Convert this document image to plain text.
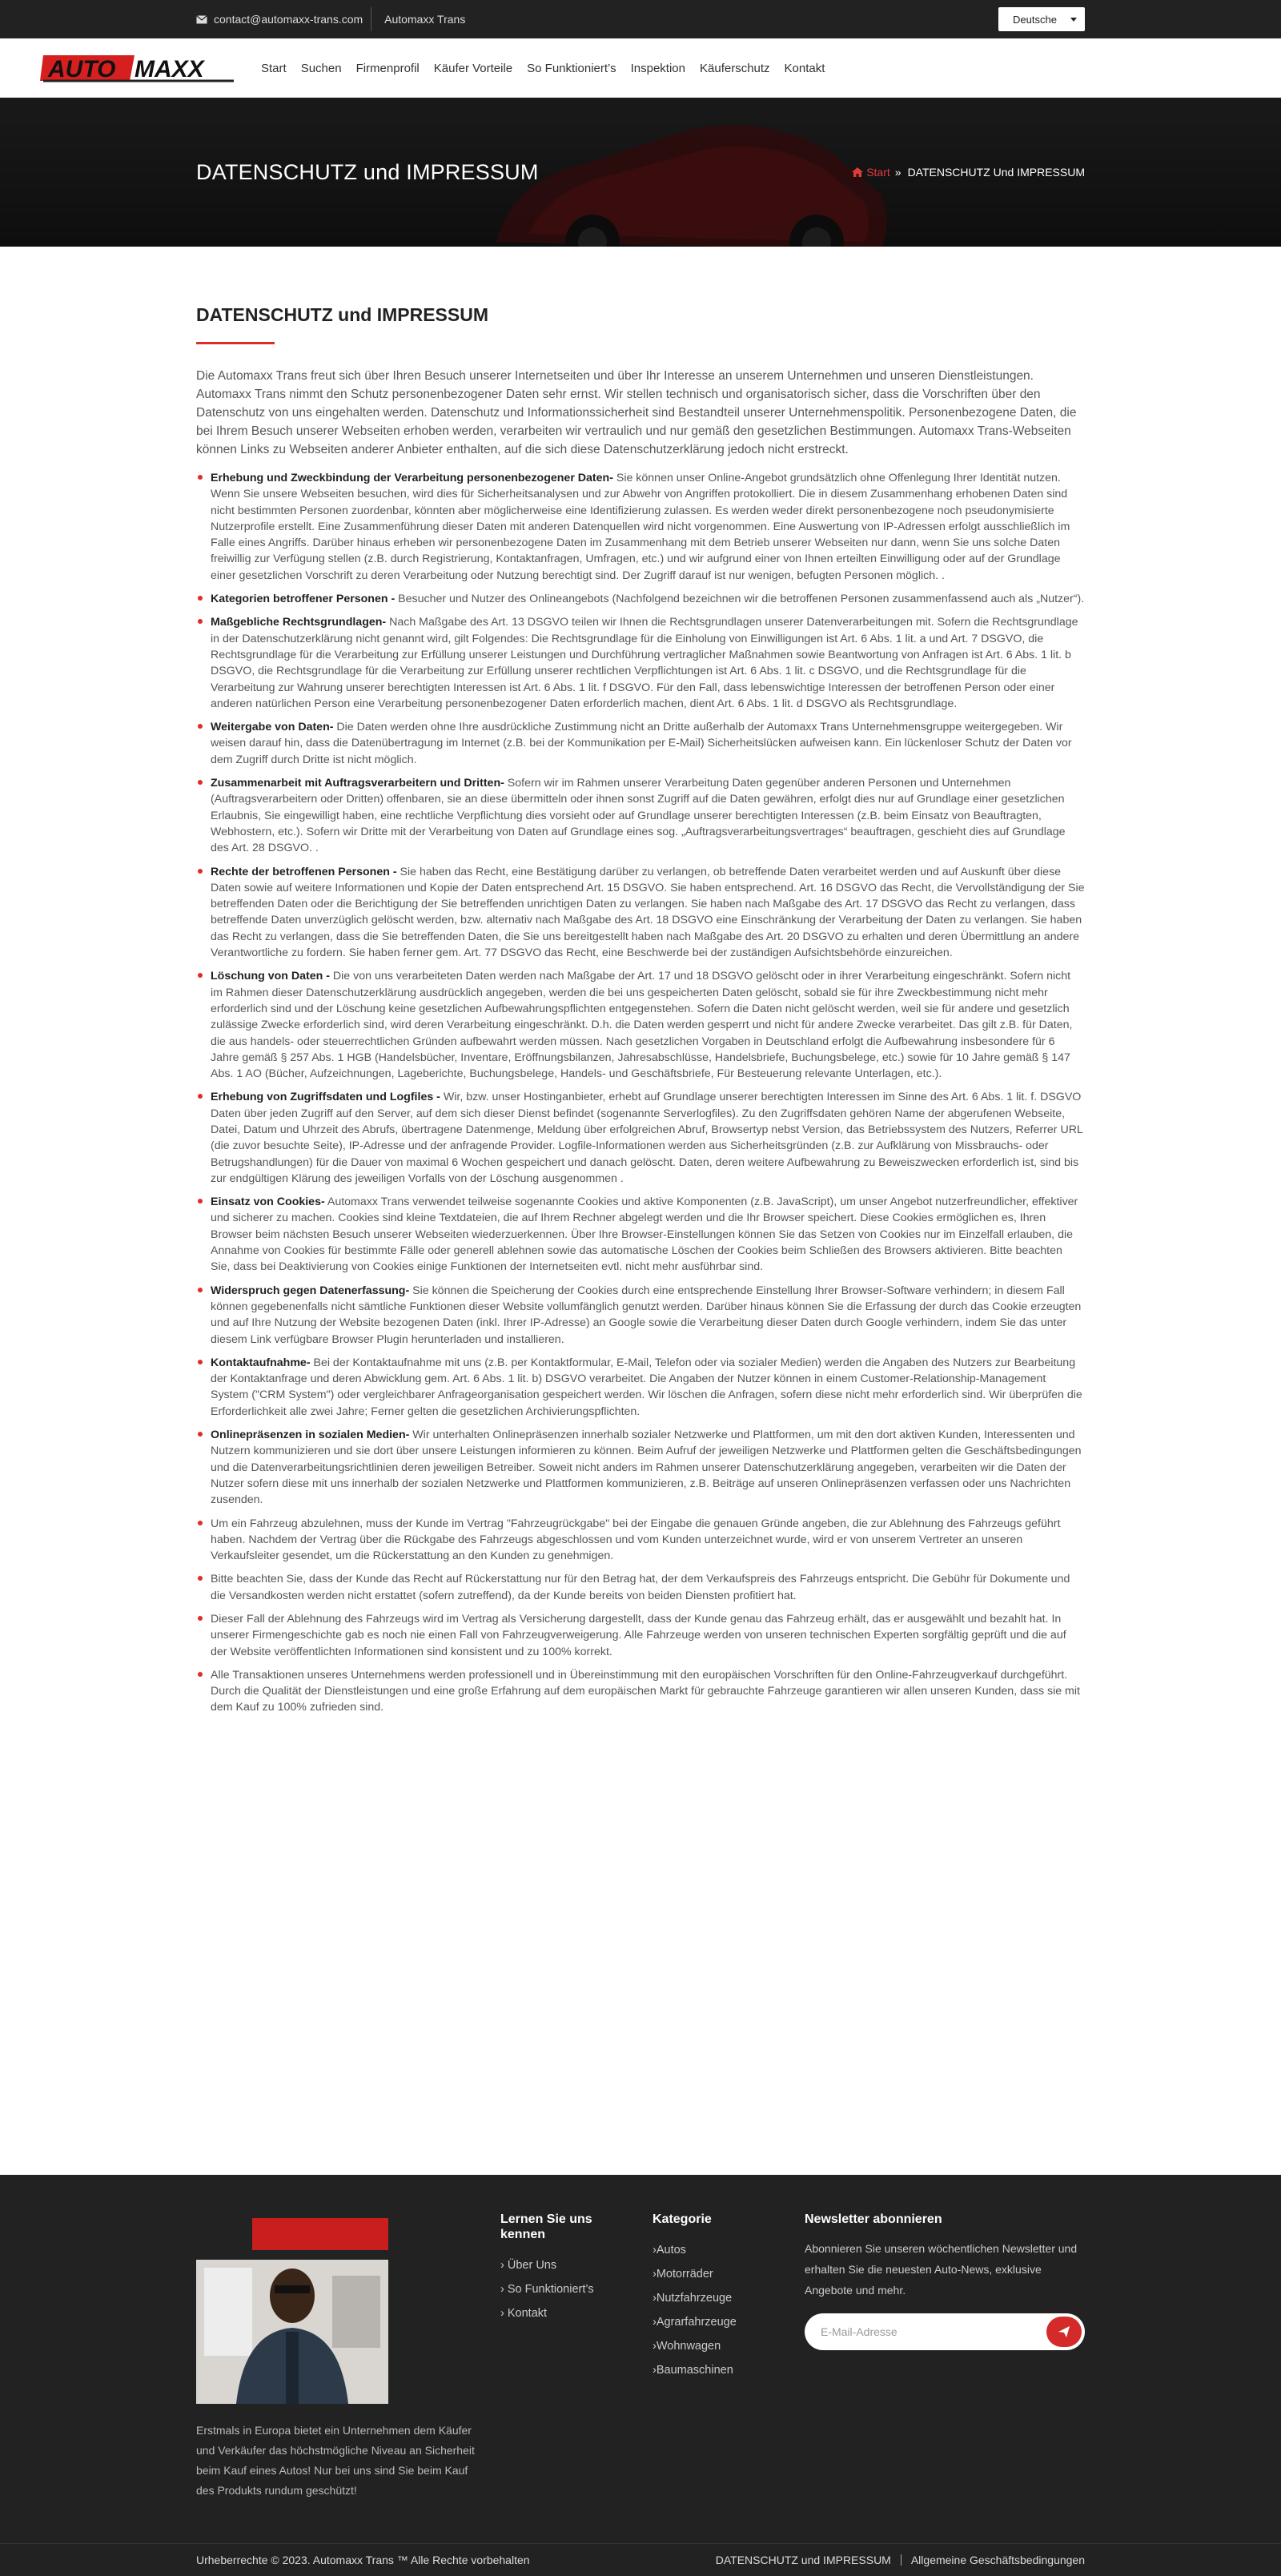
contact@automaxx-trans.com	Automaxx Trans	Deutsche
AUTO MAXX	Start Suchen Firmenprofil Käufer Vorteile So Funktioniert’s Inspektion Käuferschutz Kontakt
DATENSCHUTZ und IMPRESSUM	Start » DATENSCHUTZ Und IMPRESSUM
DATENSCHUTZ und IMPRESSUM

Die Automaxx Trans freut sich über Ihren Besuch unserer Internetseiten und über Ihr Interesse an unserem Unternehmen und unseren Dienstleistungen. Automaxx Trans nimmt den Schutz personenbezogener Daten sehr ernst. Wir stellen technisch und organisatorisch sicher, dass die Vorschriften über den Datenschutz von uns eingehalten werden. Datenschutz und Informationssicherheit sind Bestandteil unserer Unternehmenspolitik. Personenbezogene Daten, die bei Ihrem Besuch unserer Webseiten erhoben werden, verarbeiten wir vertraulich und nur gemäß den gesetzlichen Bestimmungen. Automaxx Trans-Webseiten können Links zu Webseiten anderer Anbieter enthalten, auf die sich diese Datenschutzerklärung jedoch nicht erstreckt.

Erhebung und Zweckbindung der Verarbeitung personenbezogener Daten- Sie können unser Online-Angebot grundsätzlich ohne Offenlegung Ihrer Identität nutzen. Wenn Sie unsere Webseiten besuchen, wird dies für Sicherheitsanalysen und zur Abwehr von Angriffen protokolliert. Die in diesem Zusammenhang erhobenen Daten sind nicht bestimmten Personen zuordenbar, könnten aber möglicherweise eine Identifizierung zulassen. Es werden weder direkt personenbezogene noch pseudonymisierte Nutzerprofile erstellt. Eine Zusammenführung dieser Daten mit anderen Datenquellen wird nicht vorgenommen. Eine Auswertung von IP-Adressen erfolgt ausschließlich im Falle eines Angriffs. Darüber hinaus erheben wir personenbezogene Daten im Zusammenhang mit dem Betrieb unserer Webseiten nur dann, wenn Sie uns solche Daten freiwillig zur Verfügung stellen (z.B. durch Registrierung, Kontaktanfragen, Umfragen, etc.) und wir aufgrund einer von Ihnen erteilten Einwilligung oder auf der Grundlage einer gesetzlichen Vorschrift zu deren Verarbeitung oder Nutzung berechtigt sind. Der Zugriff darauf ist nur wenigen, befugten Personen möglich. .
Kategorien betroffener Personen - Besucher und Nutzer des Onlineangebots (Nachfolgend bezeichnen wir die betroffenen Personen zusammenfassend auch als „Nutzer“).
Maßgebliche Rechtsgrundlagen- Nach Maßgabe des Art. 13 DSGVO teilen wir Ihnen die Rechtsgrundlagen unserer Datenverarbeitungen mit. Sofern die Rechtsgrundlage in der Datenschutzerklärung nicht genannt wird, gilt Folgendes: Die Rechtsgrundlage für die Einholung von Einwilligungen ist Art. 6 Abs. 1 lit. a und Art. 7 DSGVO, die Rechtsgrundlage für die Verarbeitung zur Erfüllung unserer Leistungen und Durchführung vertraglicher Maßnahmen sowie Beantwortung von Anfragen ist Art. 6 Abs. 1 lit. b DSGVO, die Rechtsgrundlage für die Verarbeitung zur Erfüllung unserer rechtlichen Verpflichtungen ist Art. 6 Abs. 1 lit. c DSGVO, und die Rechtsgrundlage für die Verarbeitung zur Wahrung unserer berechtigten Interessen ist Art. 6 Abs. 1 lit. f DSGVO. Für den Fall, dass lebenswichtige Interessen der betroffenen Person oder einer anderen natürlichen Person eine Verarbeitung personenbezogener Daten erforderlich machen, dient Art. 6 Abs. 1 lit. d DSGVO als Rechtsgrundlage.
Weitergabe von Daten- Die Daten werden ohne Ihre ausdrückliche Zustimmung nicht an Dritte außerhalb der Automaxx Trans Unternehmensgruppe weitergegeben. Wir weisen darauf hin, dass die Datenübertragung im Internet (z.B. bei der Kommunikation per E-Mail) Sicherheitslücken aufweisen kann. Ein lückenloser Schutz der Daten vor dem Zugriff durch Dritte ist nicht möglich.
Zusammenarbeit mit Auftragsverarbeitern und Dritten- Sofern wir im Rahmen unserer Verarbeitung Daten gegenüber anderen Personen und Unternehmen (Auftragsverarbeitern oder Dritten) offenbaren, sie an diese übermitteln oder ihnen sonst Zugriff auf die Daten gewähren, erfolgt dies nur auf Grundlage einer gesetzlichen Erlaubnis, Sie eingewilligt haben, eine rechtliche Verpflichtung dies vorsieht oder auf Grundlage unserer berechtigten Interessen (z.B. beim Einsatz von Beauftragten, Webhostern, etc.). Sofern wir Dritte mit der Verarbeitung von Daten auf Grundlage eines sog. „Auftragsverarbeitungsvertrages“ beauftragen, geschieht dies auf Grundlage des Art. 28 DSGVO. .
Rechte der betroffenen Personen - Sie haben das Recht, eine Bestätigung darüber zu verlangen, ob betreffende Daten verarbeitet werden und auf Auskunft über diese Daten sowie auf weitere Informationen und Kopie der Daten entsprechend Art. 15 DSGVO. Sie haben entsprechend. Art. 16 DSGVO das Recht, die Vervollständigung der Sie betreffenden Daten oder die Berichtigung der Sie betreffenden unrichtigen Daten zu verlangen. Sie haben nach Maßgabe des Art. 17 DSGVO das Recht zu verlangen, dass betreffende Daten unverzüglich gelöscht werden, bzw. alternativ nach Maßgabe des Art. 18 DSGVO eine Einschränkung der Verarbeitung der Daten zu verlangen. Sie haben das Recht zu verlangen, dass die Sie betreffenden Daten, die Sie uns bereitgestellt haben nach Maßgabe des Art. 20 DSGVO zu erhalten und deren Übermittlung an andere Verantwortliche zu fordern. Sie haben ferner gem. Art. 77 DSGVO das Recht, eine Beschwerde bei der zuständigen Aufsichtsbehörde einzureichen.
Löschung von Daten - Die von uns verarbeiteten Daten werden nach Maßgabe der Art. 17 und 18 DSGVO gelöscht oder in ihrer Verarbeitung eingeschränkt. Sofern nicht im Rahmen dieser Datenschutzerklärung ausdrücklich angegeben, werden die bei uns gespeicherten Daten gelöscht, sobald sie für ihre Zweckbestimmung nicht mehr erforderlich sind und der Löschung keine gesetzlichen Aufbewahrungspflichten entgegenstehen. Sofern die Daten nicht gelöscht werden, weil sie für andere und gesetzlich zulässige Zwecke erforderlich sind, wird deren Verarbeitung eingeschränkt. D.h. die Daten werden gesperrt und nicht für andere Zwecke verarbeitet. Das gilt z.B. für Daten, die aus handels- oder steuerrechtlichen Gründen aufbewahrt werden müssen. Nach gesetzlichen Vorgaben in Deutschland erfolgt die Aufbewahrung insbesondere für 6 Jahre gemäß § 257 Abs. 1 HGB (Handelsbücher, Inventare, Eröffnungsbilanzen, Jahresabschlüsse, Handelsbriefe, Buchungsbelege, etc.) sowie für 10 Jahre gemäß § 147 Abs. 1 AO (Bücher, Aufzeichnungen, Lageberichte, Buchungsbelege, Handels- und Geschäftsbriefe, Für Besteuerung relevante Unterlagen, etc.).
Erhebung von Zugriffsdaten und Logfiles - Wir, bzw. unser Hostinganbieter, erhebt auf Grundlage unserer berechtigten Interessen im Sinne des Art. 6 Abs. 1 lit. f. DSGVO Daten über jeden Zugriff auf den Server, auf dem sich dieser Dienst befindet (sogenannte Serverlogfiles). Zu den Zugriffsdaten gehören Name der abgerufenen Webseite, Datei, Datum und Uhrzeit des Abrufs, übertragene Datenmenge, Meldung über erfolgreichen Abruf, Browsertyp nebst Version, das Betriebssystem des Nutzers, Referrer URL (die zuvor besuchte Seite), IP-Adresse und der anfragende Provider. Logfile-Informationen werden aus Sicherheitsgründen (z.B. zur Aufklärung von Missbrauchs- oder Betrugshandlungen) für die Dauer von maximal 6 Wochen gespeichert und danach gelöscht. Daten, deren weitere Aufbewahrung zu Beweiszwecken erforderlich ist, sind bis zur endgültigen Klärung des jeweiligen Vorfalls von der Löschung ausgenommen .
Einsatz von Cookies- Automaxx Trans verwendet teilweise sogenannte Cookies und aktive Komponenten (z.B. JavaScript), um unser Angebot nutzerfreundlicher, effektiver und sicherer zu machen. Cookies sind kleine Textdateien, die auf Ihrem Rechner abgelegt werden und die Ihr Browser speichert. Diese Cookies ermöglichen es, Ihren Browser beim nächsten Besuch unserer Webseiten wiederzuerkennen. Über Ihre Browser-Einstellungen können Sie das Setzen von Cookies nur im Einzelfall erlauben, die Annahme von Cookies für bestimmte Fälle oder generell ablehnen sowie das automatische Löschen der Cookies beim Schließen des Browsers aktivieren. Bitte beachten Sie, dass bei Deaktivierung von Cookies einige Funktionen der Internetseiten evtl. nicht mehr ausführbar sind.
Widerspruch gegen Datenerfassung- Sie können die Speicherung der Cookies durch eine entsprechende Einstellung Ihrer Browser-Software verhindern; in diesem Fall können gegebenenfalls nicht sämtliche Funktionen dieser Website vollumfänglich genutzt werden. Darüber hinaus können Sie die Erfassung der durch das Cookie erzeugten und auf Ihre Nutzung der Website bezogenen Daten (inkl. Ihrer IP-Adresse) an Google sowie die Verarbeitung dieser Daten durch Google verhindern, indem Sie das unter diesem Link verfügbare Browser Plugin herunterladen und installieren.
Kontaktaufnahme- Bei der Kontaktaufnahme mit uns (z.B. per Kontaktformular, E-Mail, Telefon oder via sozialer Medien) werden die Angaben des Nutzers zur Bearbeitung der Kontaktanfrage und deren Abwicklung gem. Art. 6 Abs. 1 lit. b) DSGVO verarbeitet. Die Angaben der Nutzer können in einem Customer-Relationship-Management System ("CRM System") oder vergleichbarer Anfrageorganisation gespeichert werden. Wir löschen die Anfragen, sofern diese nicht mehr erforderlich sind. Wir überprüfen die Erforderlichkeit alle zwei Jahre; Ferner gelten die gesetzlichen Archivierungspflichten.
Onlinepräsenzen in sozialen Medien- Wir unterhalten Onlinepräsenzen innerhalb sozialer Netzwerke und Plattformen, um mit den dort aktiven Kunden, Interessenten und Nutzern kommunizieren und sie dort über unsere Leistungen informieren zu können. Beim Aufruf der jeweiligen Netzwerke und Plattformen gelten die Geschäftsbedingungen und die Datenverarbeitungsrichtlinien deren jeweiligen Betreiber. Soweit nicht anders im Rahmen unserer Datenschutzerklärung angegeben, verarbeiten wir die Daten der Nutzer sofern diese mit uns innerhalb der sozialen Netzwerke und Plattformen kommunizieren, z.B. Beiträge auf unseren Onlinepräsenzen verfassen oder uns Nachrichten zusenden.
Um ein Fahrzeug abzulehnen, muss der Kunde im Vertrag "Fahrzeugrückgabe" bei der Eingabe die genauen Gründe angeben, die zur Ablehnung des Fahrzeugs geführt haben. Nachdem der Vertrag über die Rückgabe des Fahrzeugs abgeschlossen und vom Kunden unterzeichnet wurde, wird er von unserem Vertreter an unseren Verkaufsleiter gesendet, um die Rückerstattung an den Kunden zu genehmigen.
Bitte beachten Sie, dass der Kunde das Recht auf Rückerstattung nur für den Betrag hat, der dem Verkaufspreis des Fahrzeugs entspricht. Die Gebühr für Dokumente und die Versandkosten werden nicht erstattet (sofern zutreffend), da der Kunde bereits von beiden Diensten profitiert hat.
Dieser Fall der Ablehnung des Fahrzeugs wird im Vertrag als Versicherung dargestellt, dass der Kunde genau das Fahrzeug erhält, das er ausgewählt und bezahlt hat. In unserer Firmengeschichte gab es noch nie einen Fall von Fahrzeugverweigerung. Alle Fahrzeuge werden von unseren technischen Experten sorgfältig geprüft und die auf der Website veröffentlichten Informationen sind konsistent und zu 100% korrekt.
Alle Transaktionen unseres Unternehmens werden professionell und in Übereinstimmung mit den europäischen Vorschriften für den Online-Fahrzeugverkauf durchgeführt. Durch die Qualität der Dienstleistungen und eine große Erfahrung auf dem europäischen Markt für gebrauchte Fahrzeuge garantieren wir allen unseren Kunden, dass sie mit dem Kauf zu 100% zufrieden sind.

Erstmals in Europa bietet ein Unternehmen dem Käufer und Verkäufer das höchstmögliche Niveau an Sicherheit beim Kauf eines Autos! Nur bei uns sind Sie beim Kauf des Produkts rundum geschützt!

Lernen Sie uns kennen
› Über Uns
› So Funktioniert’s
› Kontakt
Kategorie
›Autos
›Motorräder
›Nutzfahrzeuge
›Agrarfahrzeuge
›Wohnwagen
›Baumaschinen
Newsletter abonnieren

Abonnieren Sie unseren wöchentlichen Newsletter und erhalten Sie die neuesten Auto-News, exklusive Angebote und mehr.

E-Mail-Adresse
Urheberrechte © 2023. Automaxx Trans ™ Alle Rechte vorbehalten	DATENSCHUTZ und IMPRESSUM Allgemeine Geschäftsbedingungen
